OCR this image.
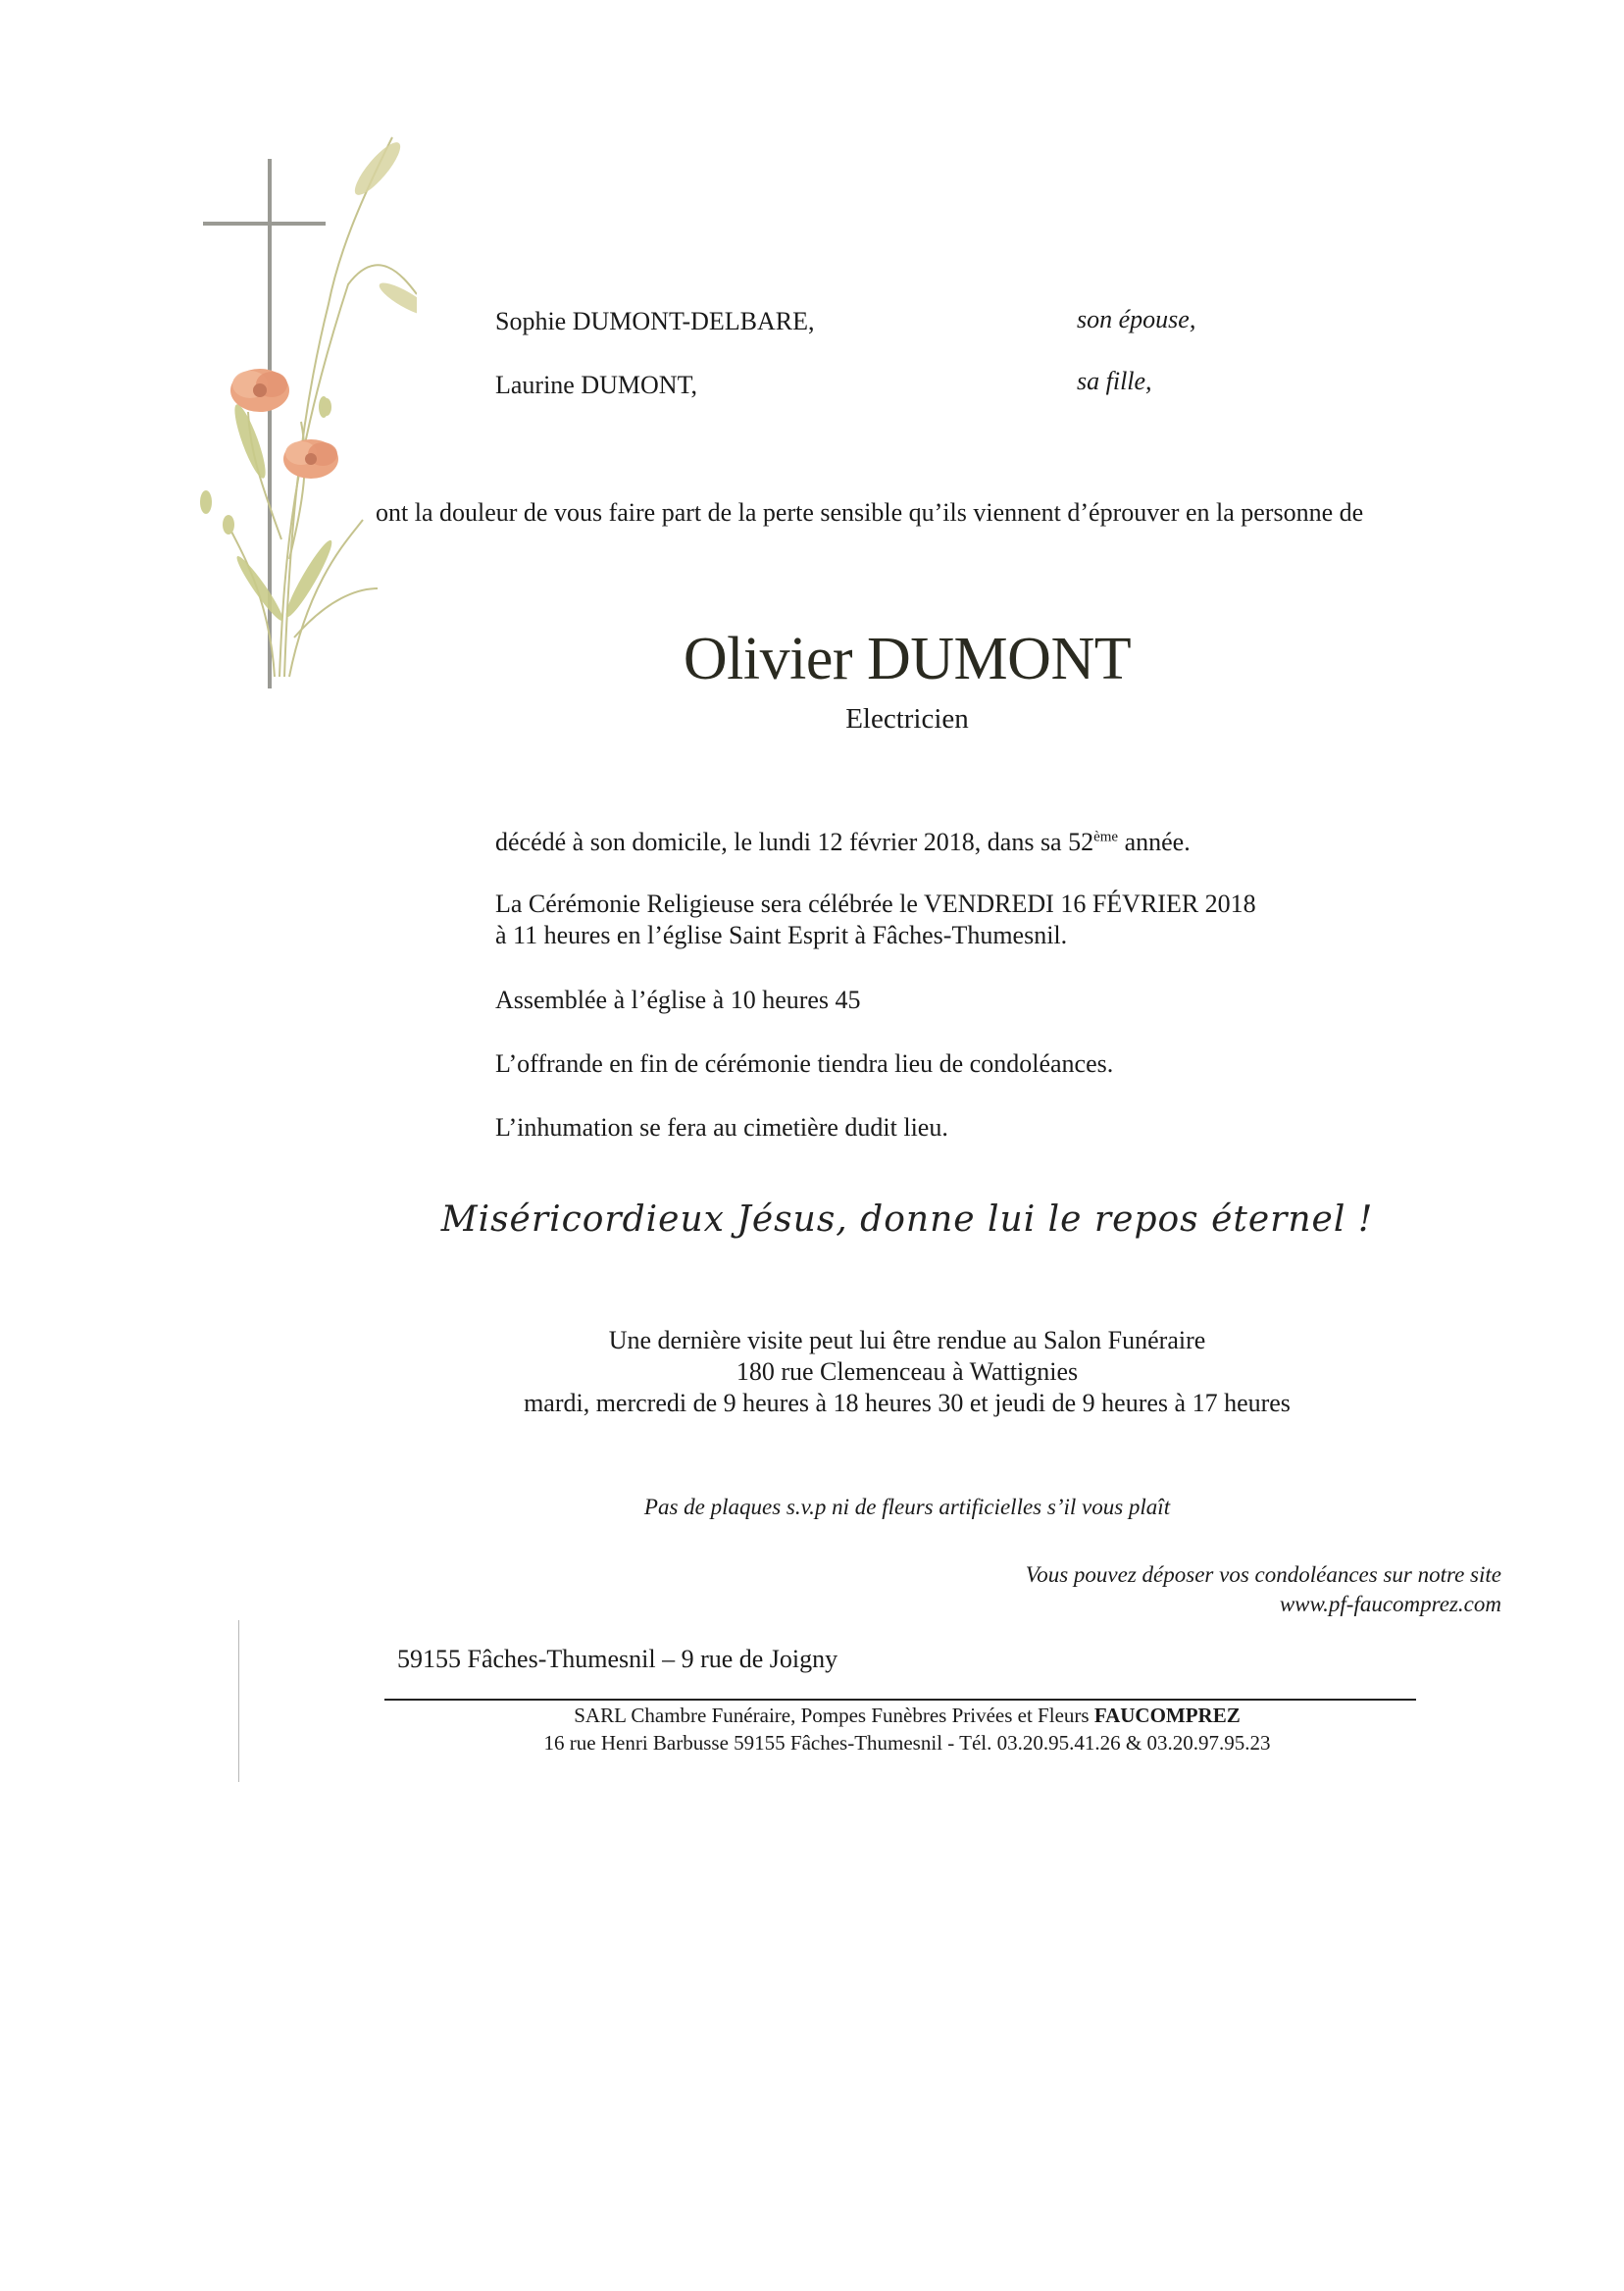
Sophie DUMONT-DELBARE,	son épouse,
Laurine DUMONT,	sa fille,
ont la douleur de vous faire part de la perte sensible qu’ils viennent d’éprouver en la personne de
Olivier DUMONT
Electricien
décédé à son domicile, le lundi 12 février 2018, dans sa 52ème année.
La Cérémonie Religieuse sera célébrée le VENDREDI 16 FÉVRIER 2018
à 11 heures en l’église Saint Esprit à Fâches-Thumesnil.
Assemblée à l’église à 10 heures 45
L’offrande en fin de cérémonie tiendra lieu de condoléances.
L’inhumation se fera au cimetière dudit lieu.
Miséricordieux Jésus, donne lui le repos éternel !
Une dernière visite peut lui être rendue au Salon Funéraire
180 rue Clemenceau à Wattignies
mardi, mercredi de 9 heures à 18 heures 30 et jeudi de 9 heures à 17 heures
Pas de plaques s.v.p ni de fleurs artificielles s’il vous plaît
Vous pouvez déposer vos condoléances sur notre site
www.pf-faucomprez.com
59155 Fâches-Thumesnil – 9 rue de Joigny
SARL Chambre Funéraire, Pompes Funèbres Privées et Fleurs FAUCOMPREZ
16 rue Henri Barbusse 59155 Fâches-Thumesnil - Tél. 03.20.95.41.26 & 03.20.97.95.23
